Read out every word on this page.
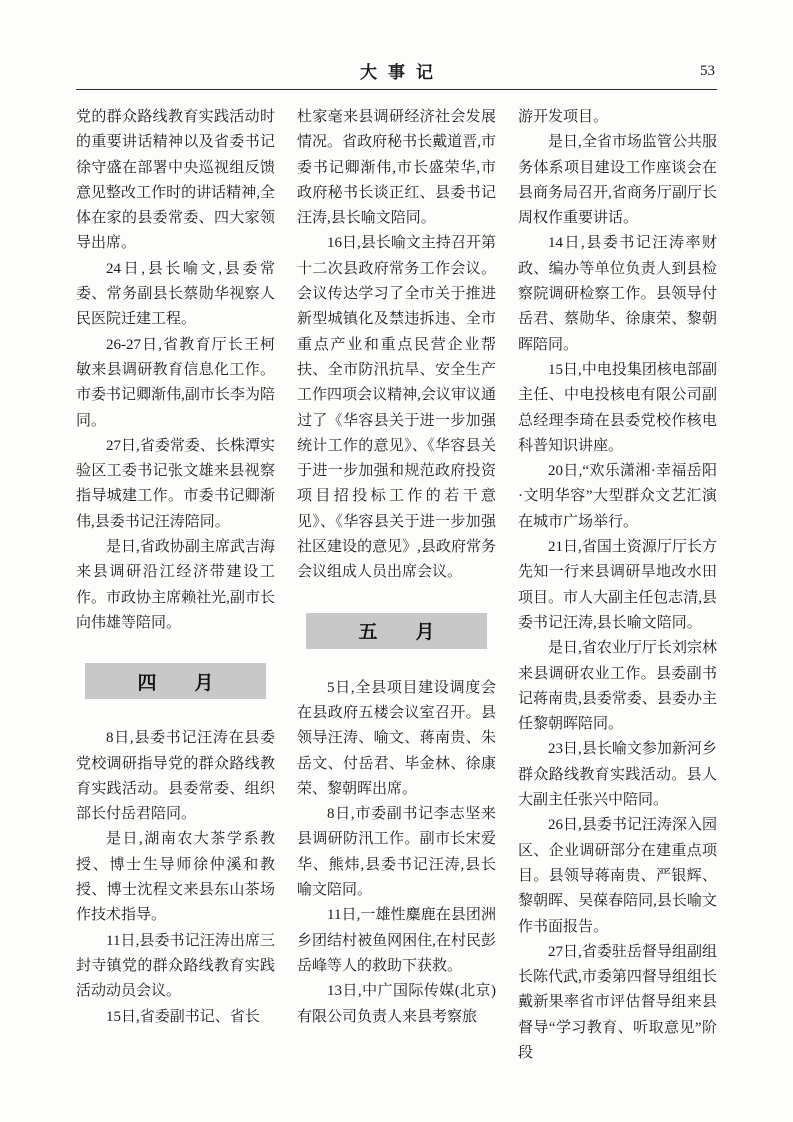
大事记	53

党的群众路线教育实践活动时的重要讲话精神以及省委书记徐守盛在部署中央巡视组反馈意见整改工作时的讲话精神,全体在家的县委常委、四大家领导出席。

24日,县长喻文,县委常委、常务副县长蔡勋华视察人民医院迁建工程。

26-27日,省教育厅长王柯敏来县调研教育信息化工作。市委书记卿渐伟,副市长李为陪同。

27日,省委常委、长株潭实验区工委书记张文雄来县视察指导城建工作。市委书记卿渐伟,县委书记汪涛陪同。

是日,省政协副主席武吉海来县调研沿江经济带建设工作。市政协主席赖社光,副市长向伟雄等陪同。

四　　月

8日,县委书记汪涛在县委党校调研指导党的群众路线教育实践活动。县委常委、组织部长付岳君陪同。

是日,湖南农大茶学系教授、博士生导师徐仲溪和教授、博士沈程文来县东山茶场作技术指导。

11日,县委书记汪涛出席三封寺镇党的群众路线教育实践活动动员会议。

15日,省委副书记、省长

杜家毫来县调研经济社会发展情况。省政府秘书长戴道晋,市委书记卿渐伟,市长盛荣华,市政府秘书长谈正红、县委书记汪涛,县长喻文陪同。

16日,县长喻文主持召开第十二次县政府常务工作会议。会议传达学习了全市关于推进新型城镇化及禁违拆违、全市重点产业和重点民营企业帮扶、全市防汛抗旱、安全生产工作四项会议精神,会议审议通过了《华容县关于进一步加强统计工作的意见》、《华容县关于进一步加强和规范政府投资项目招投标工作的若干意见》、《华容县关于进一步加强社区建设的意见》,县政府常务会议组成人员出席会议。

五　　月

5日,全县项目建设调度会在县政府五楼会议室召开。县领导汪涛、喻文、蒋南贵、朱岳文、付岳君、毕金林、徐康荣、黎朝晖出席。

8日,市委副书记李志坚来县调研防汛工作。副市长宋爱华、熊炜,县委书记汪涛,县长喻文陪同。

11日,一雄性麋鹿在县团洲乡团结村被鱼网困住,在村民彭岳峰等人的救助下获救。

13日,中广国际传媒(北京)有限公司负责人来县考察旅

游开发项目。

是日,全省市场监管公共服务体系项目建设工作座谈会在县商务局召开,省商务厅副厅长周权作重要讲话。

14日,县委书记汪涛率财政、编办等单位负责人到县检察院调研检察工作。县领导付岳君、蔡勋华、徐康荣、黎朝晖陪同。

15日,中电投集团核电部副主任、中电投核电有限公司副总经理李琦在县委党校作核电科普知识讲座。

20日,“欢乐潇湘·幸福岳阳·文明华容”大型群众文艺汇演在城市广场举行。

21日,省国土资源厅厅长方先知一行来县调研旱地改水田项目。市人大副主任包志清,县委书记汪涛,县长喻文陪同。

是日,省农业厅厅长刘宗林来县调研农业工作。县委副书记蒋南贵,县委常委、县委办主任黎朝晖陪同。

23日,县长喻文参加新河乡群众路线教育实践活动。县人大副主任张兴中陪同。

26日,县委书记汪涛深入园区、企业调研部分在建重点项目。县领导蒋南贵、严银辉、黎朝晖、吴葆春陪同,县长喻文作书面报告。

27日,省委驻岳督导组副组长陈代武,市委第四督导组组长戴新果率省市评估督导组来县督导“学习教育、听取意见”阶段
